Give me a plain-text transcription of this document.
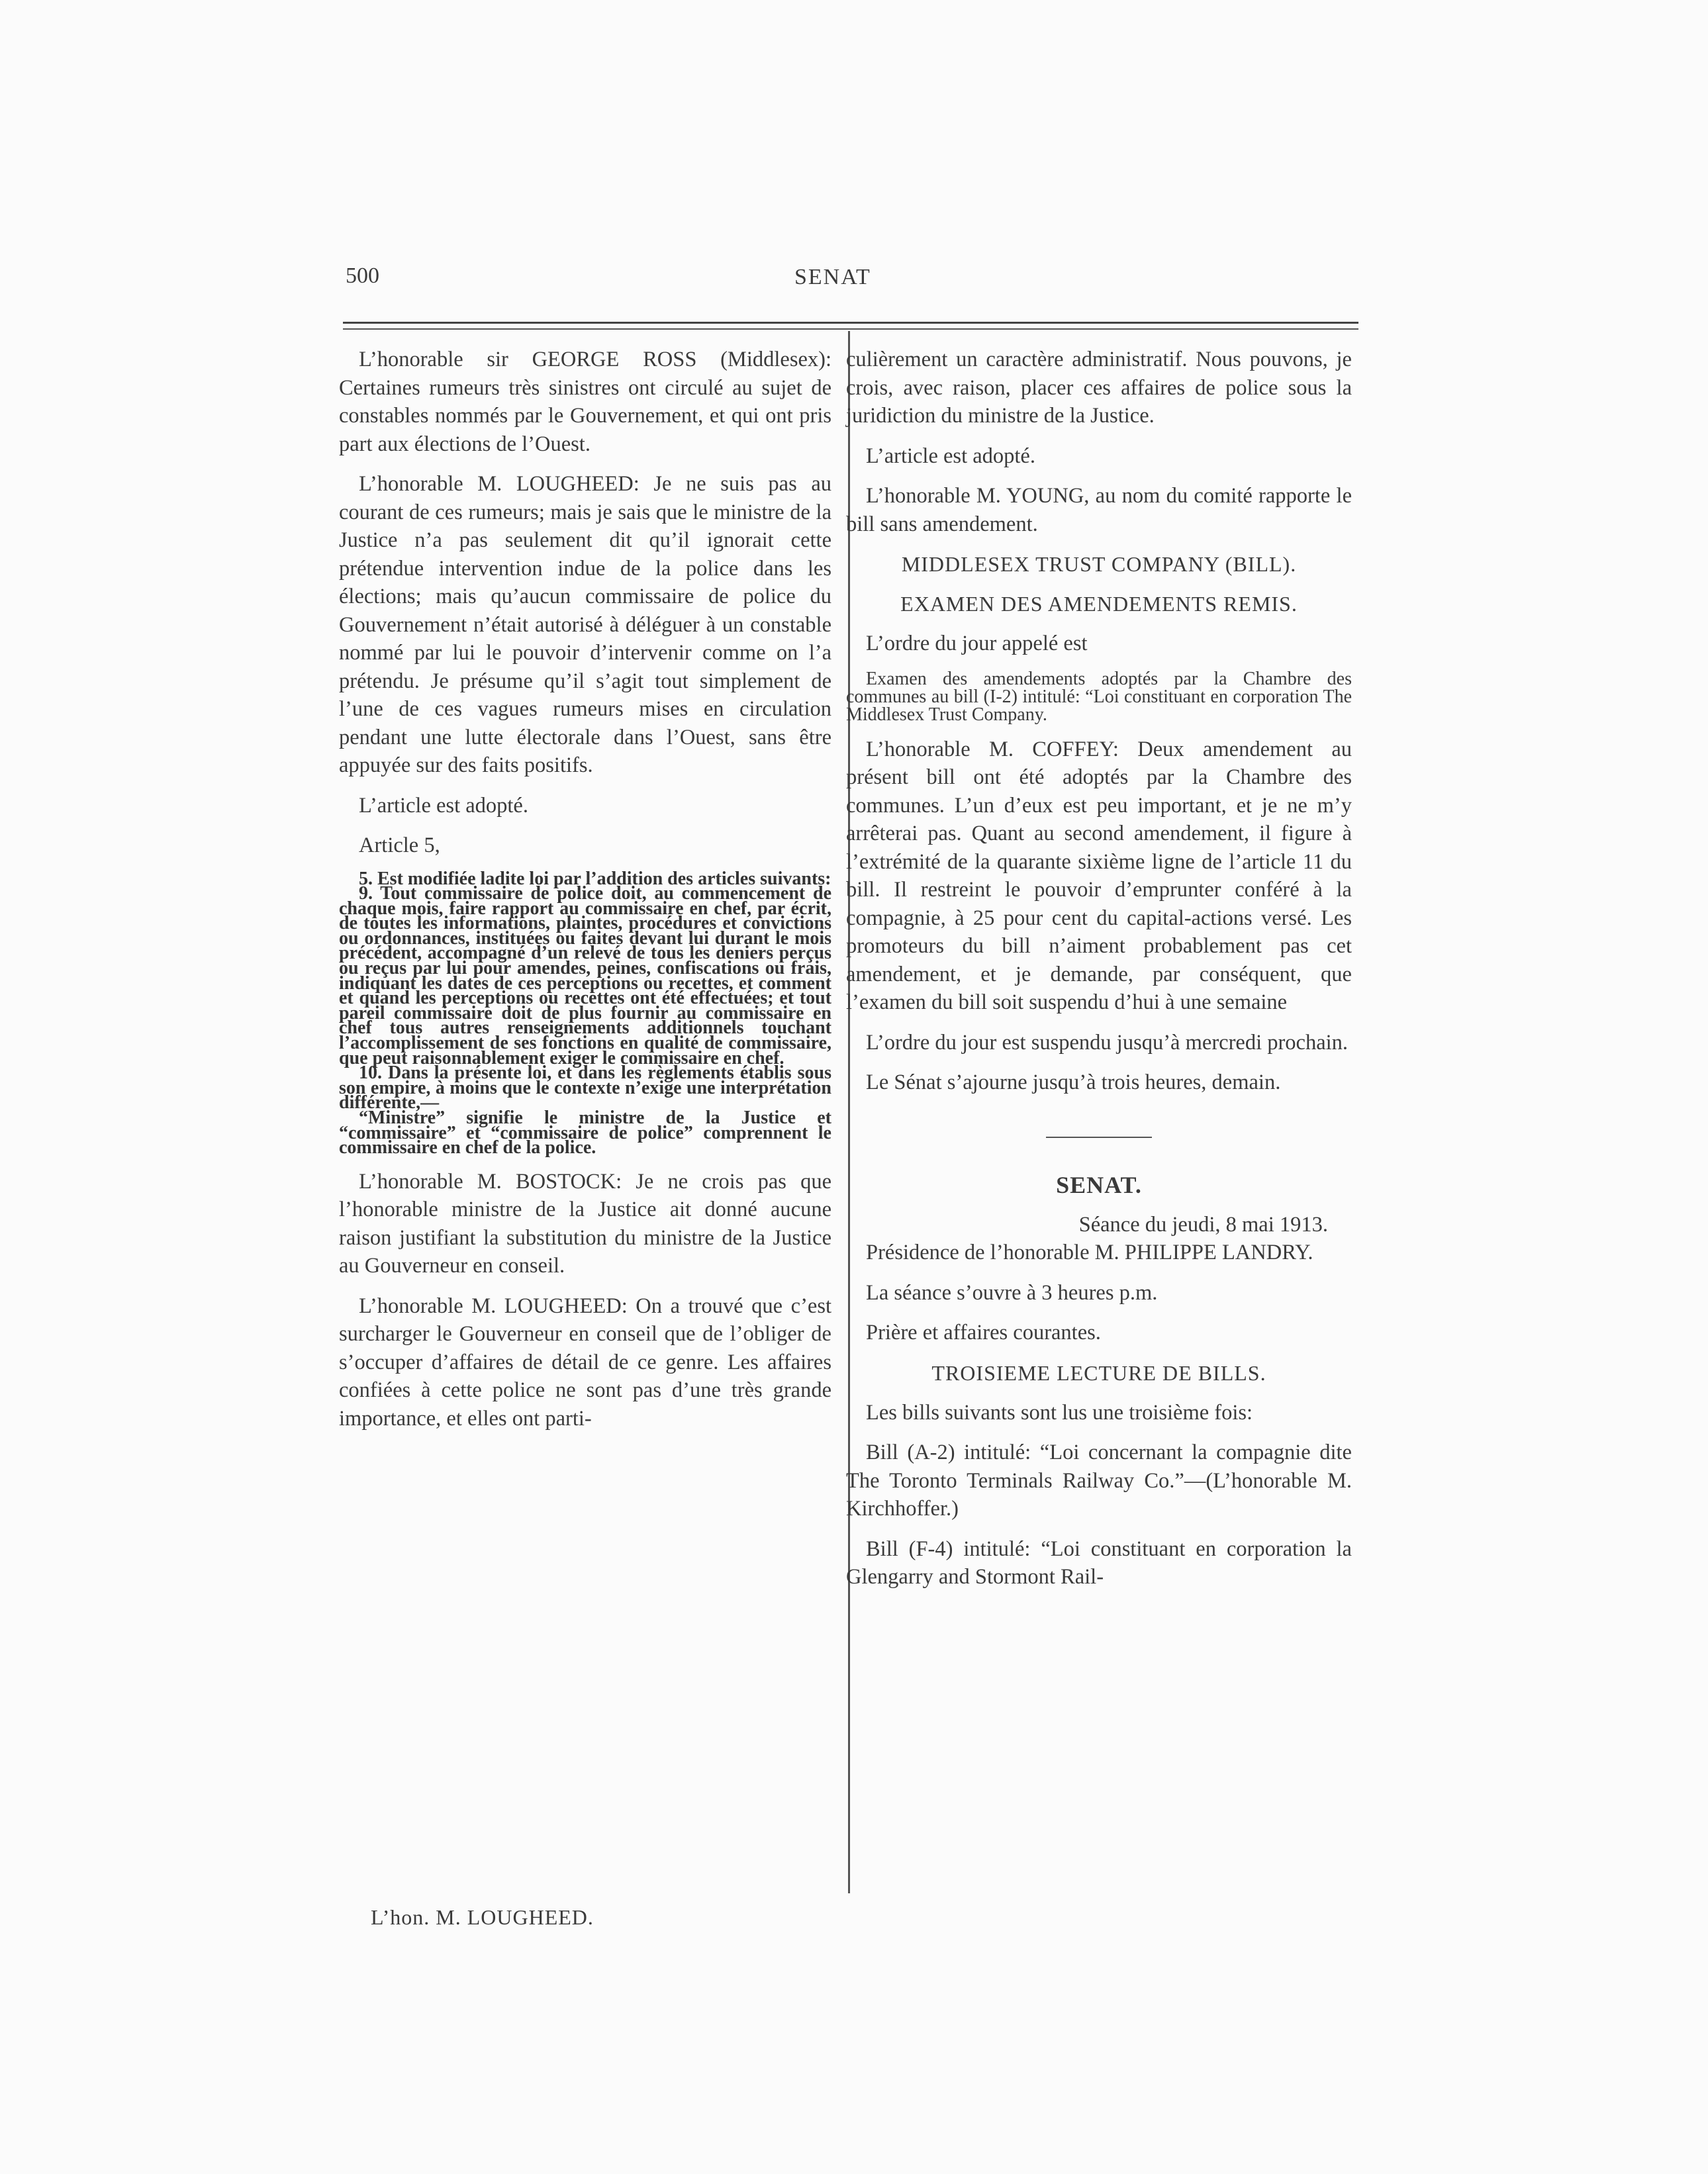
500	SENAT

L’honorable sir GEORGE ROSS (Middlesex): Certaines rumeurs très sinistres ont circulé au sujet de constables nommés par le Gouvernement, et qui ont pris part aux élections de l’Ouest.

L’honorable M. LOUGHEED: Je ne suis pas au courant de ces rumeurs; mais je sais que le ministre de la Justice n’a pas seulement dit qu’il ignorait cette prétendue intervention indue de la police dans les élections; mais qu’aucun commissaire de police du Gouvernement n’était autorisé à déléguer à un constable nommé par lui le pouvoir d’intervenir comme on l’a prétendu. Je présume qu’il s’agit tout simplement de l’une de ces vagues rumeurs mises en circulation pendant une lutte électorale dans l’Ouest, sans être appuyée sur des faits positifs.

L’article est adopté.

Article 5,

5. Est modifiée ladite loi par l’addition des articles suivants:

9. Tout commissaire de police doit, au commencement de chaque mois, faire rapport au commissaire en chef, par écrit, de toutes les informations, plaintes, procédures et convictions ou ordonnances, instituées ou faites devant lui durant le mois précédent, accompagné d’un relevé de tous les deniers perçus ou reçus par lui pour amendes, peines, confiscations ou frais, indiquant les dates de ces perceptions ou recettes, et comment et quand les perceptions ou recettes ont été effectuées; et tout pareil commissaire doit de plus fournir au commissaire en chef tous autres renseignements additionnels touchant l’accomplissement de ses fonctions en qualité de commissaire, que peut raisonnablement exiger le commissaire en chef.

10. Dans la présente loi, et dans les règlements établis sous son empire, à moins que le contexte n’exige une interprétation différente,—

“Ministre” signifie le ministre de la Justice et “commissaire” et “commissaire de police” comprennent le commissaire en chef de la police.

L’honorable M. BOSTOCK: Je ne crois pas que l’honorable ministre de la Justice ait donné aucune raison justifiant la substitution du ministre de la Justice au Gouverneur en conseil.

L’honorable M. LOUGHEED: On a trouvé que c’est surcharger le Gouverneur en conseil que de l’obliger de s’occuper d’affaires de détail de ce genre. Les affaires confiées à cette police ne sont pas d’une très grande importance, et elles ont parti-

culièrement un caractère administratif. Nous pouvons, je crois, avec raison, placer ces affaires de police sous la juridiction du ministre de la Justice.

L’article est adopté.

L’honorable M. YOUNG, au nom du comité rapporte le bill sans amendement.

MIDDLESEX TRUST COMPANY (BILL).
EXAMEN DES AMENDEMENTS REMIS.

L’ordre du jour appelé est

Examen des amendements adoptés par la Chambre des communes au bill (I-2) intitulé: “Loi constituant en corporation The Middlesex Trust Company.

L’honorable M. COFFEY: Deux amendement au présent bill ont été adoptés par la Chambre des communes. L’un d’eux est peu important, et je ne m’y arrêterai pas. Quant au second amendement, il figure à l’extrémité de la quarante sixième ligne de l’article 11 du bill. Il restreint le pouvoir d’emprunter conféré à la compagnie, à 25 pour cent du capital-actions versé. Les promoteurs du bill n’aiment probablement pas cet amendement, et je demande, par conséquent, que l’examen du bill soit suspendu d’hui à une semaine

L’ordre du jour est suspendu jusqu’à mercredi prochain.

Le Sénat s’ajourne jusqu’à trois heures, demain.

SENAT.

Séance du jeudi, 8 mai 1913.

Présidence de l’honorable M. PHILIPPE LANDRY.

La séance s’ouvre à 3 heures p.m.

Prière et affaires courantes.

TROISIEME LECTURE DE BILLS.

Les bills suivants sont lus une troisième fois:

Bill (A-2) intitulé: “Loi concernant la compagnie dite The Toronto Terminals Railway Co.”—(L’honorable M. Kirchhoffer.)

Bill (F-4) intitulé: “Loi constituant en corporation la Glengarry and Stormont Rail-

L’hon. M. LOUGHEED.
